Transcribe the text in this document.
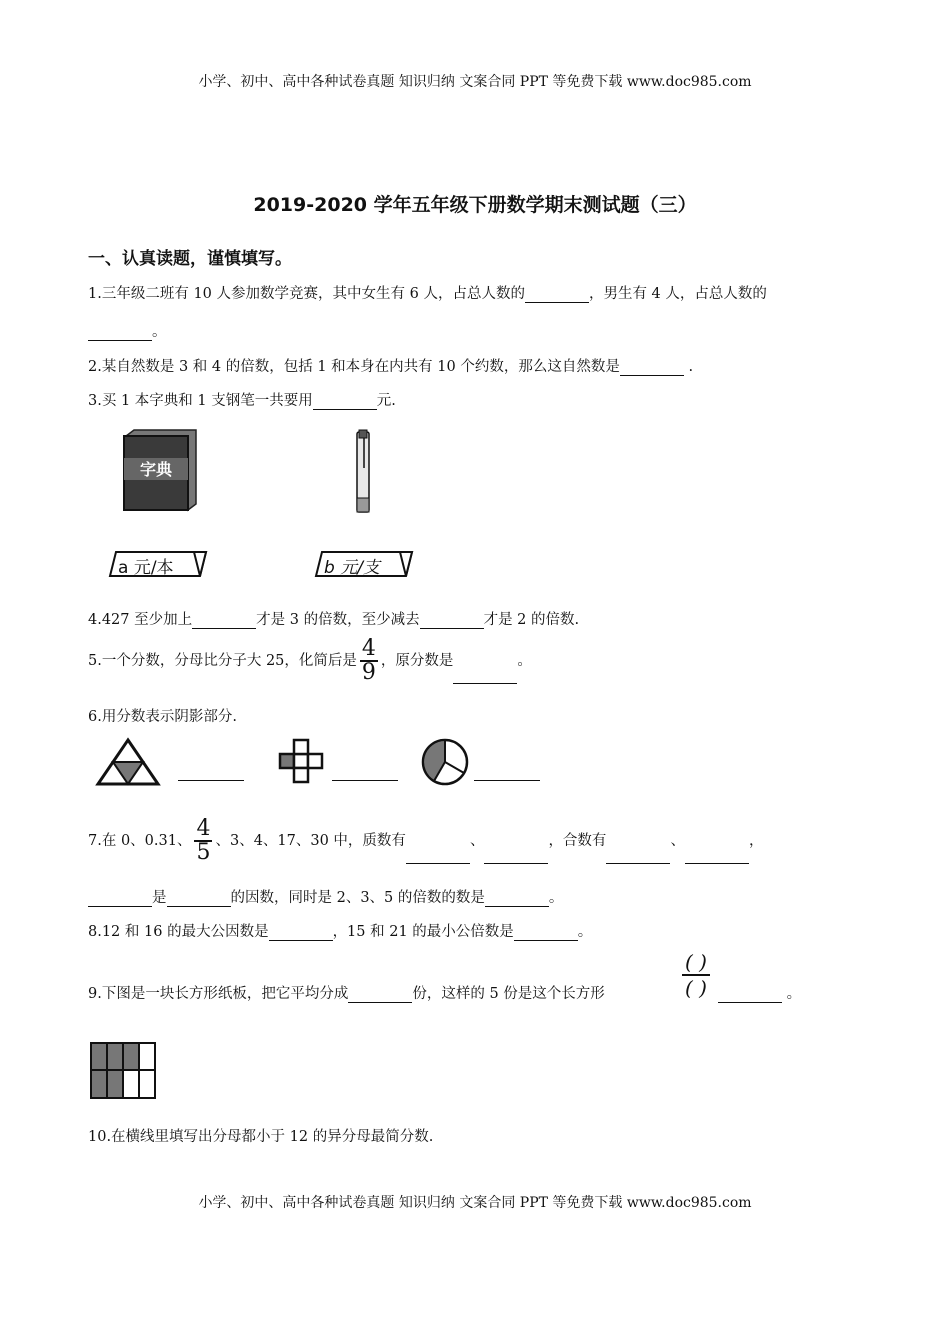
小学、初中、高中各种试卷真题 知识归纳 文案合同 PPT 等免费下载 www.doc985.com
2019-2020 学年五年级下册数学期末测试题（三）
一、认真读题，谨慎填写。
1.三年级二班有 10 人参加数学竞赛，其中女生有 6 人，占总人数的	，男生有 4 人，占总人数的
。
2.某自然数是 3 和 4 的倍数，包括 1 和本身在内共有 10 个约数，那么这自然数是	.
3.买 1 本字典和 1 支钢笔一共要用	元.
字典
a 元/本	b 元/支
4.427 至少加上	才是 3 的倍数，至少减去	才是 2 的倍数.
5.一个分数，分母比分子大 25，化简后是 $\frac{4}{9}$ ，原分数是	。
6.用分数表示阴影部分.
7.在 0、0.31、 $\frac{4}{5}$ 、3、4、17、30 中，质数有	、	，合数有	、	，
是	的因数，同时是 2、3、5 的倍数的数是	。
8.12 和 16 的最大公因数是	，15 和 21 的最小公倍数是	。
9.下图是一块长方形纸板，把它平均分成	份，这样的 5 份是这个长方形
( )
( )	。
10.在横线里填写出分母都小于 12 的异分母最简分数.
小学、初中、高中各种试卷真题 知识归纳 文案合同 PPT 等免费下载 www.doc985.com
